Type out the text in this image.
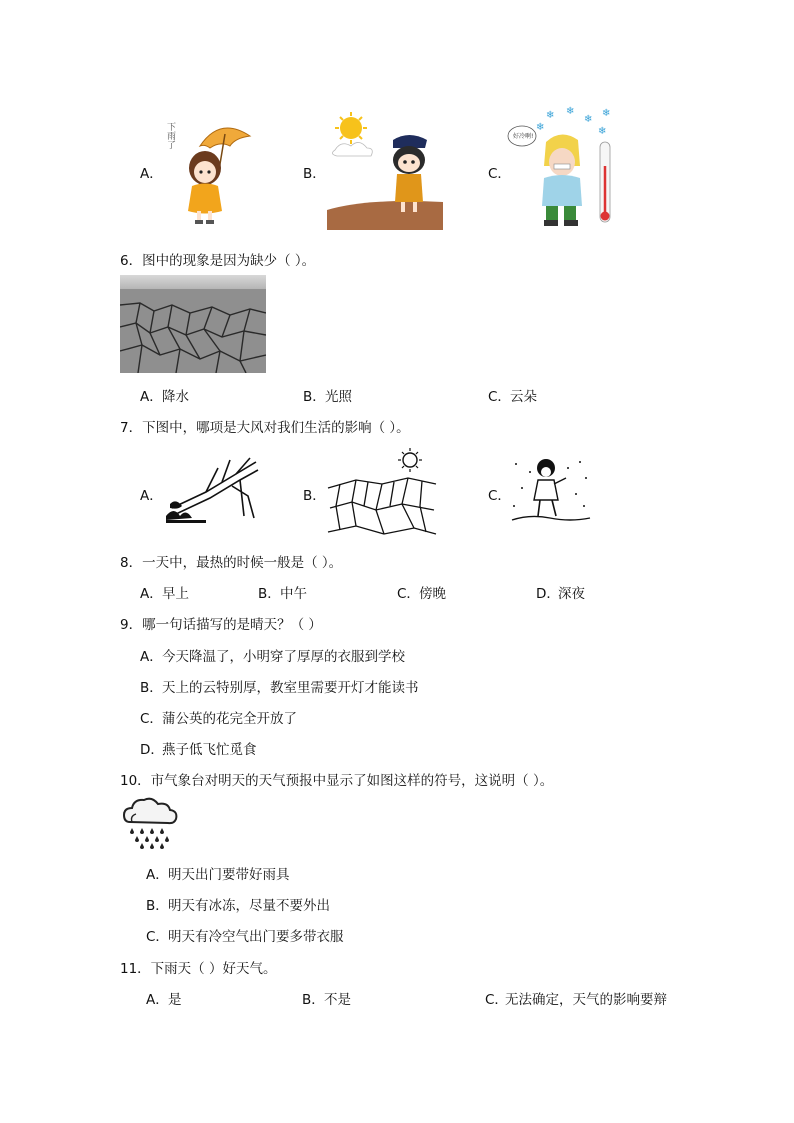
A．
下雨了
B．	C．
❄ ❄
❄
❄
❄
❄
好冷啊!
6．图中的现象是因为缺少（ ）。
A． 降水	B． 光照	C． 云朵
7．下图中，哪项是大风对我们生活的影响（ ）。
A．	B．	C．
8．一天中，最热的时候一般是（ ）。
A． 早上	B． 中午	C． 傍晚	D．
深夜
9．哪一句话描写的是晴天？（ ）
A． 今天降温了，小明穿了厚厚的衣服到学校
B． 天上的云特别厚，教室里需要开灯才能读书
C． 蒲公英的花完全开放了
D．
燕子低飞忙觅食
10．市气象台对明天的天气预报中显示了如图这样的符号，这说明（ ）。
A． 明天出门要带好雨具
B． 明天有冰冻，尽量不要外出
C． 明天有冷空气出门要多带衣服
11．下雨天（ ）好天气。
A． 是	B． 不是	C．
无法确定，天气的影响要辩
